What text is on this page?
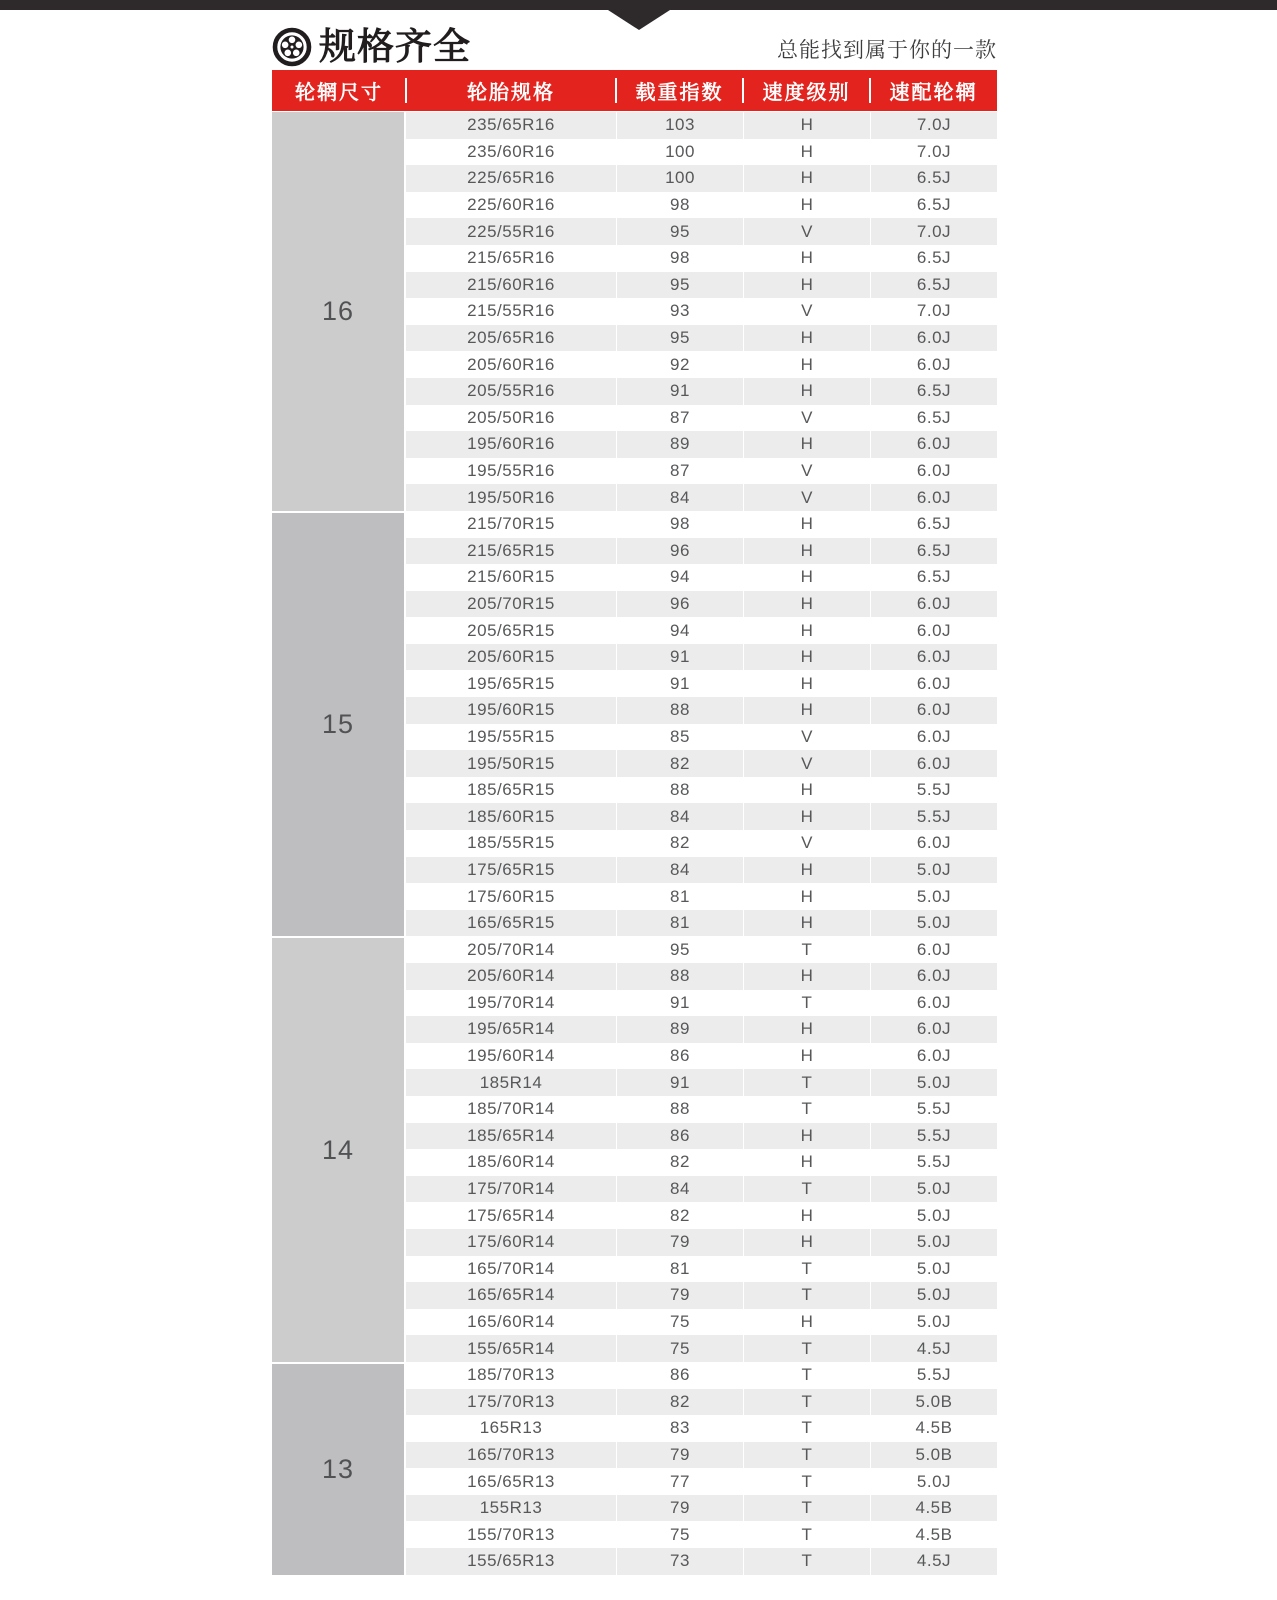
规格齐全	总能找到属于你的一款
轮辋尺寸	轮胎规格	载重指数	速度级别	速配轮辋
16
235/65R16	103	H	7.0J
235/60R16	100	H	7.0J
225/65R16	100	H	6.5J
225/60R16	98	H	6.5J
225/55R16	95	V	7.0J
215/65R16	98	H	6.5J
215/60R16	95	H	6.5J
215/55R16	93	V	7.0J
205/65R16	95	H	6.0J
205/60R16	92	H	6.0J
205/55R16	91	H	6.5J
205/50R16	87	V	6.5J
195/60R16	89	H	6.0J
195/55R16	87	V	6.0J
195/50R16	84	V	6.0J
15
215/70R15	98	H	6.5J
215/65R15	96	H	6.5J
215/60R15	94	H	6.5J
205/70R15	96	H	6.0J
205/65R15	94	H	6.0J
205/60R15	91	H	6.0J
195/65R15	91	H	6.0J
195/60R15	88	H	6.0J
195/55R15	85	V	6.0J
195/50R15	82	V	6.0J
185/65R15	88	H	5.5J
185/60R15	84	H	5.5J
185/55R15	82	V	6.0J
175/65R15	84	H	5.0J
175/60R15	81	H	5.0J
165/65R15	81	H	5.0J
14
205/70R14	95	T	6.0J
205/60R14	88	H	6.0J
195/70R14	91	T	6.0J
195/65R14	89	H	6.0J
195/60R14	86	H	6.0J
185R14	91	T	5.0J
185/70R14	88	T	5.5J
185/65R14	86	H	5.5J
185/60R14	82	H	5.5J
175/70R14	84	T	5.0J
175/65R14	82	H	5.0J
175/60R14	79	H	5.0J
165/70R14	81	T	5.0J
165/65R14	79	T	5.0J
165/60R14	75	H	5.0J
155/65R14	75	T	4.5J
13
185/70R13	86	T	5.5J
175/70R13	82	T	5.0B
165R13	83	T	4.5B
165/70R13	79	T	5.0B
165/65R13	77	T	5.0J
155R13	79	T	4.5B
155/70R13	75	T	4.5B
155/65R13	73	T	4.5J
